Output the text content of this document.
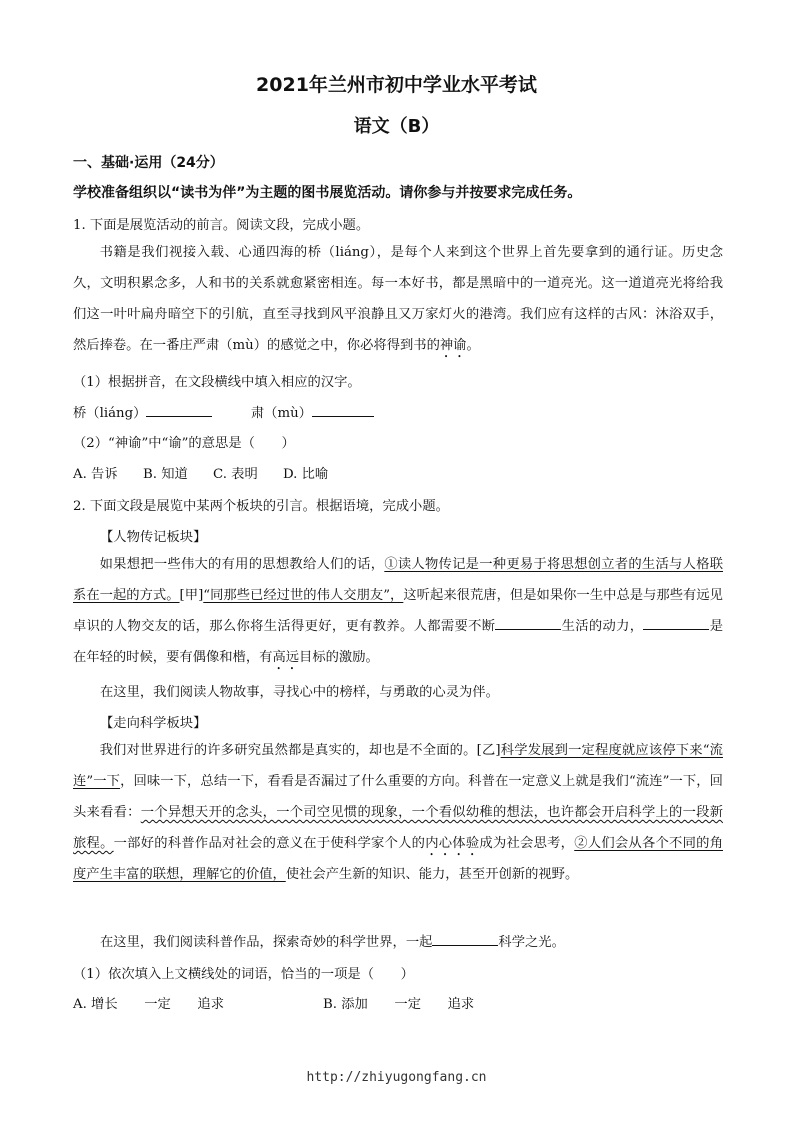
2021年兰州市初中学业水平考试
语文（B）
一、基础·运用（24分）
学校准备组织以“读书为伴”为主题的图书展览活动。请你参与并按要求完成任务。
1. 下面是展览活动的前言。阅读文段，完成小题。
书籍是我们视接入载、心通四海的桥（liáng），是每个人来到这个世界上首先要拿到的通行证。历史念久，文明积累念多，人和书的关系就愈紧密相连。每一本好书，都是黑暗中的一道亮光。这一道道亮光将给我们这一叶叶扁舟暗空下的引航，直至寻找到风平浪静且又万家灯火的港湾。我们应有这样的古风：沐浴双手，然后捧卷。在一番庄严肃（mù）的感觉之中，你必将得到书的神谕。
（1）根据拼音，在文段横线中填入相应的汉字。
桥（liáng）	肃（mù）
（2）“神谕”中“谕”的意思是（　　）
A. 告诉 B. 知道 C. 表明 D. 比喻
2. 下面文段是展览中某两个板块的引言。根据语境，完成小题。
【人物传记板块】
如果想把一些伟大的有用的思想教给人们的话，①读人物传记是一种更易于将思想创立者的生活与人格联系在一起的方式。[甲]“同那些已经过世的伟人交朋友”，这听起来很荒唐，但是如果你一生中总是与那些有远见卓识的人物交友的话，那么你将生活得更好，更有教养。人都需要不断	生活的动力，	是在年轻的时候，要有偶像和楷，有高远目标的激励。
在这里，我们阅读人物故事，寻找心中的榜样，与勇敢的心灵为伴。
【走向科学板块】
我们对世界进行的许多研究虽然都是真实的，却也是不全面的。[乙]科学发展到一定程度就应该停下来“流连”一下，回味一下，总结一下，看看是否漏过了什么重要的方向。科普在一定意义上就是我们“流连”一下，回头来看看：一个异想天开的念头，一个司空见惯的现象，一个看似幼稚的想法，也许都会开启科学上的一段新旅程。一部好的科普作品对社会的意义在于使科学家个人的内心体验成为社会思考，②人们会从各个不同的角度产生丰富的联想，理解它的价值，使社会产生新的知识、能力，甚至开创新的视野。
在这里，我们阅读科普作品，探索奇妙的科学世界，一起	科学之光。
（1）依次填入上文横线处的词语，恰当的一项是（　　）
A. 增长　　一定　　追求	B. 添加　　一定　　追求
http://zhiyugongfang.cn
